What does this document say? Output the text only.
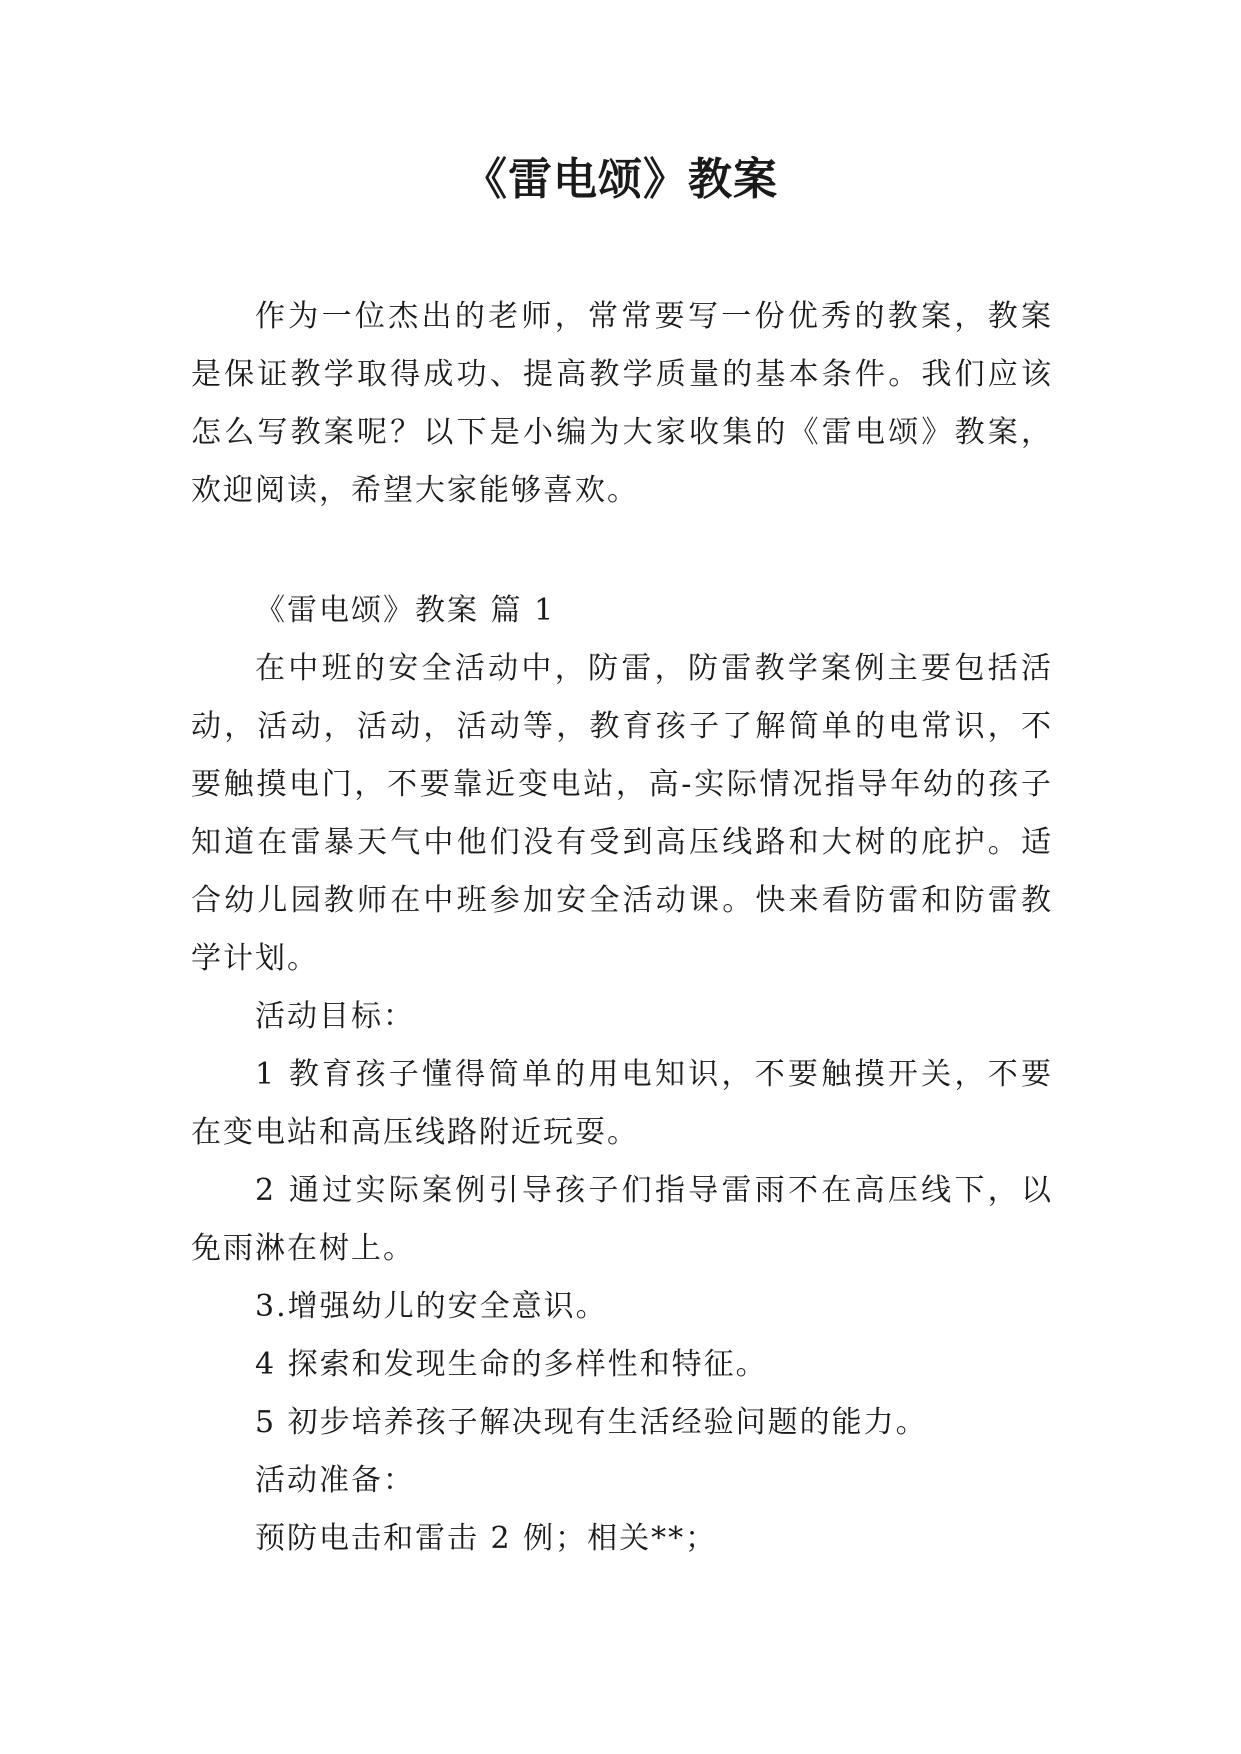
《雷电颂》教案

作为一位杰出的老师，常常要写一份优秀的教案，教案是保证教学取得成功、提高教学质量的基本条件。我们应该怎么写教案呢？以下是小编为大家收集的《雷电颂》教案，欢迎阅读，希望大家能够喜欢。

《雷电颂》教案 篇 1

在中班的安全活动中，防雷，防雷教学案例主要包括活动，活动，活动，活动等，教育孩子了解简单的电常识，不要触摸电门，不要靠近变电站，高-实际情况指导年幼的孩子知道在雷暴天气中他们没有受到高压线路和大树的庇护。适合幼儿园教师在中班参加安全活动课。快来看防雷和防雷教学计划。

活动目标：

1 教育孩子懂得简单的用电知识，不要触摸开关，不要在变电站和高压线路附近玩耍。

2 通过实际案例引导孩子们指导雷雨不在高压线下，以免雨淋在树上。

3.增强幼儿的安全意识。

4 探索和发现生命的多样性和特征。

5 初步培养孩子解决现有生活经验问题的能力。

活动准备：

预防电击和雷击 2 例；相关**；
